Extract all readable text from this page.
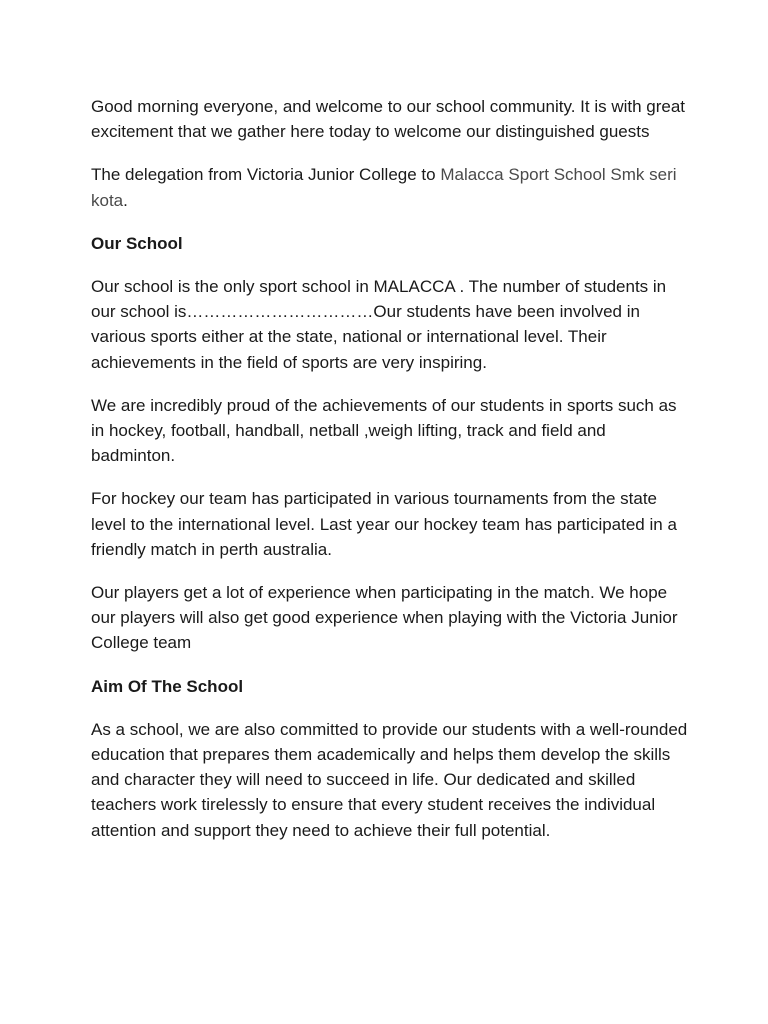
Good morning everyone, and welcome to our school community. It is with great excitement that we gather here today to welcome our distinguished guests

The delegation from Victoria Junior College to Malacca Sport School Smk seri kota.

Our School

Our school is the only sport school in MALACCA . The number of students in our school is……………………………Our students have been involved in various sports either at the state, national or international level. Their achievements in the field of sports are very inspiring.

We are incredibly proud of the achievements of our students in sports such as in hockey, football, handball, netball ,weigh lifting, track and field and badminton.

For hockey our team has participated in various tournaments from the state level to the international level. Last year our hockey team has participated in a friendly match in perth australia.

Our players get a lot of experience when participating in the match. We hope our players will also get good experience when playing with the Victoria Junior College team

Aim Of The School

As a school, we are also committed to provide our students with a well-rounded education that prepares them academically and helps them develop the skills and character they will need to succeed in life. Our dedicated and skilled teachers work tirelessly to ensure that every student receives the individual attention and support they need to achieve their full potential.
